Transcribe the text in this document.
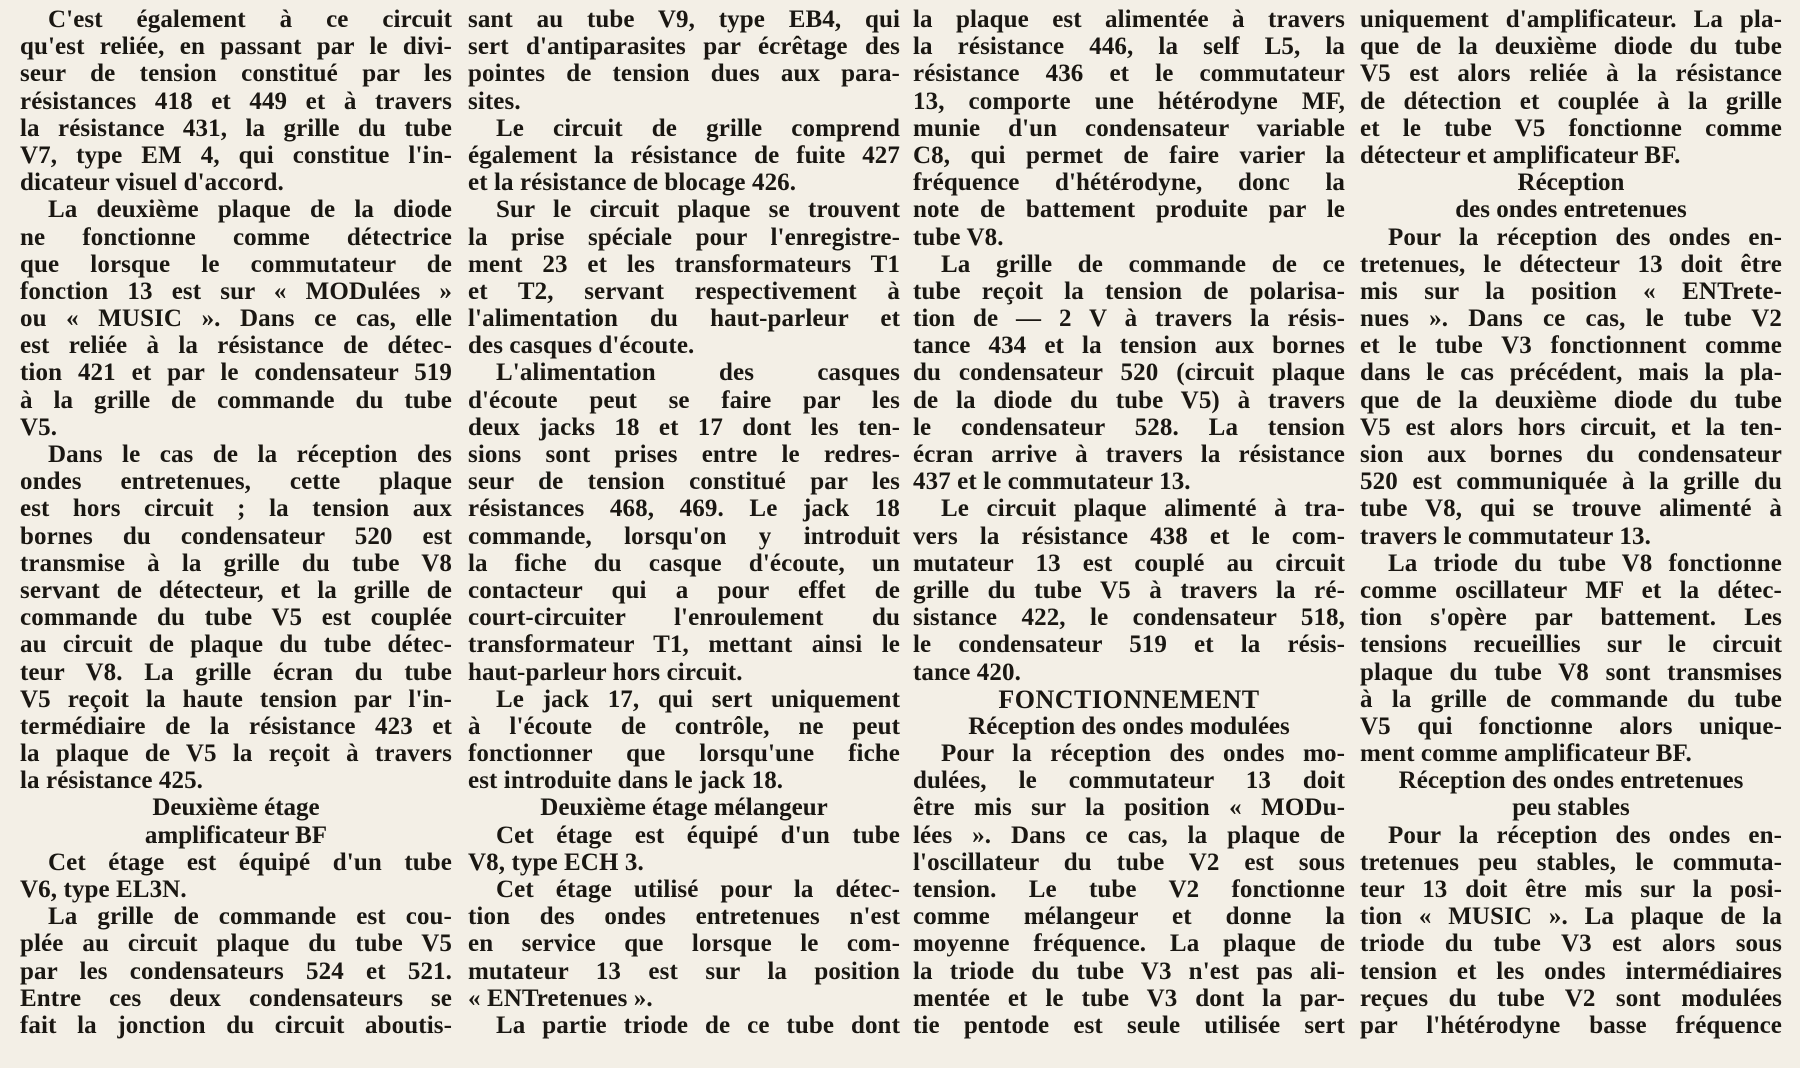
C'est également à ce circuit
qu'est reliée, en passant par le divi-
seur de tension constitué par les
résistances 418 et 449 et à travers
la résistance 431, la grille du tube
V7, type EM 4, qui constitue l'in-
dicateur visuel d'accord.
La deuxième plaque de la diode
ne fonctionne comme détectrice
que lorsque le commutateur de
fonction 13 est sur « MODulées »
ou « MUSIC ». Dans ce cas, elle
est reliée à la résistance de détec-
tion 421 et par le condensateur 519
à la grille de commande du tube
V5.
Dans le cas de la réception des
ondes entretenues, cette plaque
est hors circuit ; la tension aux
bornes du condensateur 520 est
transmise à la grille du tube V8
servant de détecteur, et la grille de
commande du tube V5 est couplée
au circuit de plaque du tube détec-
teur V8. La grille écran du tube
V5 reçoit la haute tension par l'in-
termédiaire de la résistance 423 et
la plaque de V5 la reçoit à travers
la résistance 425.
Deuxième étage
amplificateur BF
Cet étage est équipé d'un tube
V6, type EL3N.
La grille de commande est cou-
plée au circuit plaque du tube V5
par les condensateurs 524 et 521.
Entre ces deux condensateurs se
fait la jonction du circuit aboutis-
sant au tube V9, type EB4, qui
sert d'antiparasites par écrêtage des
pointes de tension dues aux para-
sites.
Le circuit de grille comprend
également la résistance de fuite 427
et la résistance de blocage 426.
Sur le circuit plaque se trouvent
la prise spéciale pour l'enregistre-
ment 23 et les transformateurs T1
et T2, servant respectivement à
l'alimentation du haut-parleur et
des casques d'écoute.
L'alimentation des casques
d'écoute peut se faire par les
deux jacks 18 et 17 dont les ten-
sions sont prises entre le redres-
seur de tension constitué par les
résistances 468, 469. Le jack 18
commande, lorsqu'on y introduit
la fiche du casque d'écoute, un
contacteur qui a pour effet de
court-circuiter l'enroulement du
transformateur T1, mettant ainsi le
haut-parleur hors circuit.
Le jack 17, qui sert uniquement
à l'écoute de contrôle, ne peut
fonctionner que lorsqu'une fiche
est introduite dans le jack 18.
Deuxième étage mélangeur
Cet étage est équipé d'un tube
V8, type ECH 3.
Cet étage utilisé pour la détec-
tion des ondes entretenues n'est
en service que lorsque le com-
mutateur 13 est sur la position
« ENTretenues ».
La partie triode de ce tube dont
la plaque est alimentée à travers
la résistance 446, la self L5, la
résistance 436 et le commutateur
13, comporte une hétérodyne MF,
munie d'un condensateur variable
C8, qui permet de faire varier la
fréquence d'hétérodyne, donc la
note de battement produite par le
tube V8.
La grille de commande de ce
tube reçoit la tension de polarisa-
tion de — 2 V à travers la résis-
tance 434 et la tension aux bornes
du condensateur 520 (circuit plaque
de la diode du tube V5) à travers
le condensateur 528. La tension
écran arrive à travers la résistance
437 et le commutateur 13.
Le circuit plaque alimenté à tra-
vers la résistance 438 et le com-
mutateur 13 est couplé au circuit
grille du tube V5 à travers la ré-
sistance 422, le condensateur 518,
le condensateur 519 et la résis-
tance 420.
FONCTIONNEMENT
Réception des ondes modulées
Pour la réception des ondes mo-
dulées, le commutateur 13 doit
être mis sur la position « MODu-
lées ». Dans ce cas, la plaque de
l'oscillateur du tube V2 est sous
tension. Le tube V2 fonctionne
comme mélangeur et donne la
moyenne fréquence. La plaque de
la triode du tube V3 n'est pas ali-
mentée et le tube V3 dont la par-
tie pentode est seule utilisée sert
uniquement d'amplificateur. La pla-
que de la deuxième diode du tube
V5 est alors reliée à la résistance
de détection et couplée à la grille
et le tube V5 fonctionne comme
détecteur et amplificateur BF.
Réception
des ondes entretenues
Pour la réception des ondes en-
tretenues, le détecteur 13 doit être
mis sur la position « ENTrete-
nues ». Dans ce cas, le tube V2
et le tube V3 fonctionnent comme
dans le cas précédent, mais la pla-
que de la deuxième diode du tube
V5 est alors hors circuit, et la ten-
sion aux bornes du condensateur
520 est communiquée à la grille du
tube V8, qui se trouve alimenté à
travers le commutateur 13.
La triode du tube V8 fonctionne
comme oscillateur MF et la détec-
tion s'opère par battement. Les
tensions recueillies sur le circuit
plaque du tube V8 sont transmises
à la grille de commande du tube
V5 qui fonctionne alors unique-
ment comme amplificateur BF.
Réception des ondes entretenues
peu stables
Pour la réception des ondes en-
tretenues peu stables, le commuta-
teur 13 doit être mis sur la posi-
tion « MUSIC ». La plaque de la
triode du tube V3 est alors sous
tension et les ondes intermédiaires
reçues du tube V2 sont modulées
par l'hétérodyne basse fréquence
